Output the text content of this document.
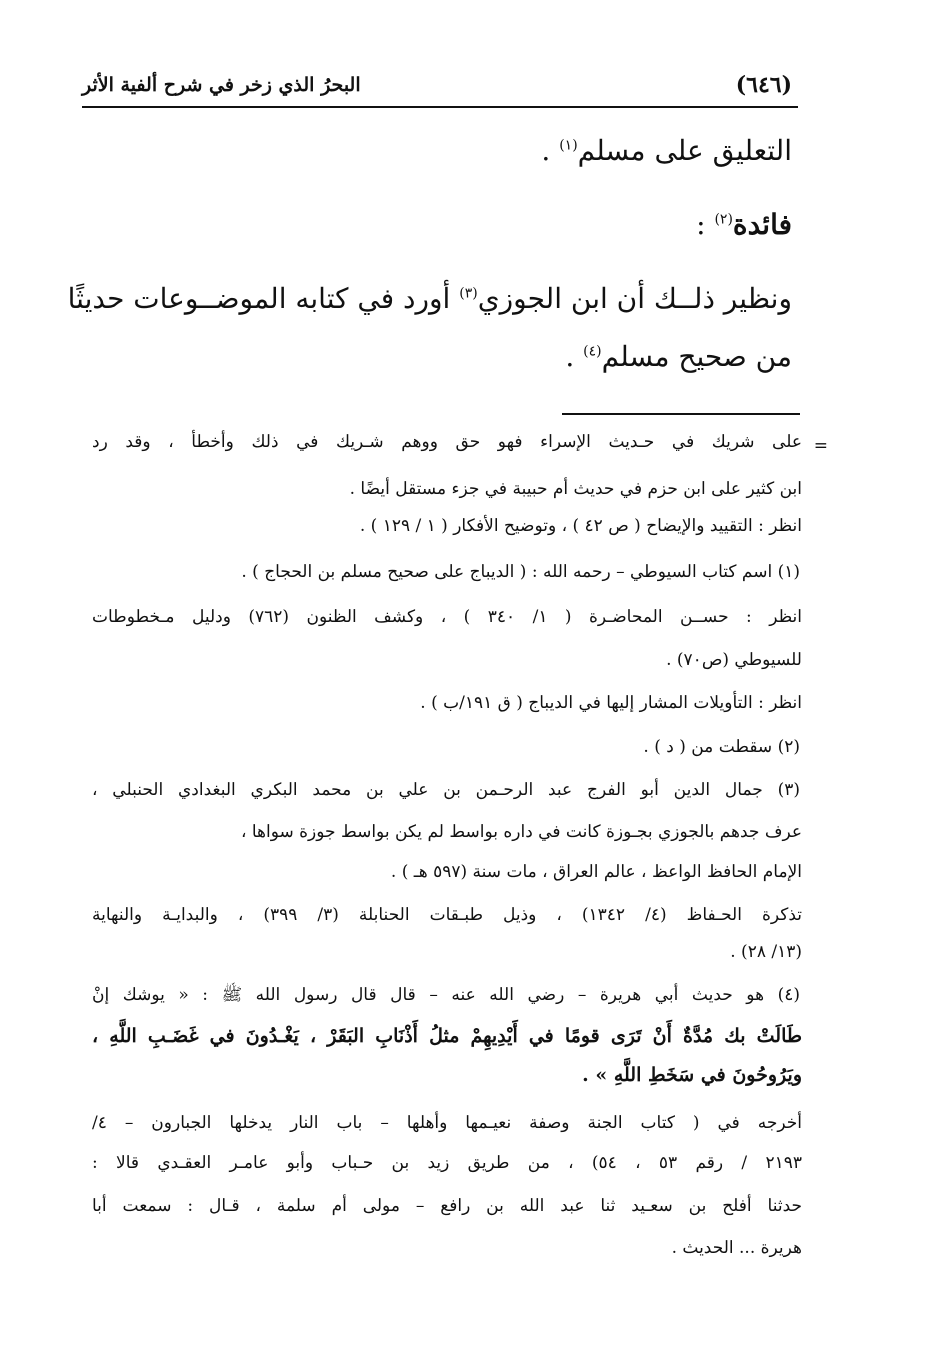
(٦٤٦)
البحرُ الذي زخر في شرح ألفية الأثر
التعليق على مسلم$^{(١)}$ .
فائدة$^{(٢)}$ :
ونظير ذلــك أن ابن الجوزي$^{(٣)}$ أورد في كتابه الموضــوعات حديثًا
من صحيح مسلم$^{(٤)}$ .
=
على شريك في حـديث الإسراء فهو حق ووهم شـريك في ذلك وأخطأ ، وقد رد
ابن كثير على ابن حزم في حديث أم حبيبة في جزء مستقل أيضًا .
انظر : التقييد والإيضاح ( ص ٤٢ ) ، وتوضيح الأفكار ( ١ / ١٢٩ ) .
(١) اسم كتاب السيوطي – رحمه الله : ( الديباج على صحيح مسلم بن الحجاج ) .
انظر : حســن المحاضـرة ( ١/ ٣٤٠ ) ، وكشف الظنون (٧٦٢) ودليل مـخطوطات
للسيوطي (ص٧٠) .
انظر : التأويلات المشار إليها في الديباج ( ق ١٩١/ب ) .
(٢) سقطت من ( د ) .
(٣) جمال الدين أبو الفرج عبد الرحـمن بن علي بن محمد البكري البغدادي الحنبلي ،
عرف جدهم بالجوزي بجـوزة كانت في داره بواسط لم يكن بواسط جوزة سواها ،
الإمام الحافظ الواعظ ، عالم العراق ، مات سنة (٥٩٧ هـ ) .
تذكرة الحـفاظ (٤/ ١٣٤٢) ، وذيل طبـقات الحنابلة (٣/ ٣٩٩) ، والبدايـة والنهاية
(١٣/ ٢٨) .
(٤) هو حديث أبي هريرة – رضي الله عنه – قال قال رسول الله ﷺ : « يوشك إنْ
طَالَتْ بك مُدَّةٌ أَنْ تَرَى قومًا في أَيْدِيهِمْ مثلُ أَذْنَابِ البَقَرْ ، يَغْـدُونَ في غَضَـبِ اللَّهِ ،
ويَرُوحُونَ في سَخَطِ اللَّهِ » .
أخرجه في ( كتاب الجنة وصفة نعيـمها وأهلها – باب النار يدخلها الجبارون – ٤/
٢١٩٣ / رقم ٥٣ ، ٥٤) ، من طريق زيد بن حـباب وأبو عامـر العقـدي قالا :
حدثنا أفلح بن سعـيد ثنا عبد الله بن رافع – مولى أم سلمة ، قـال : سمعت أبا
هريرة ... الحديث .
